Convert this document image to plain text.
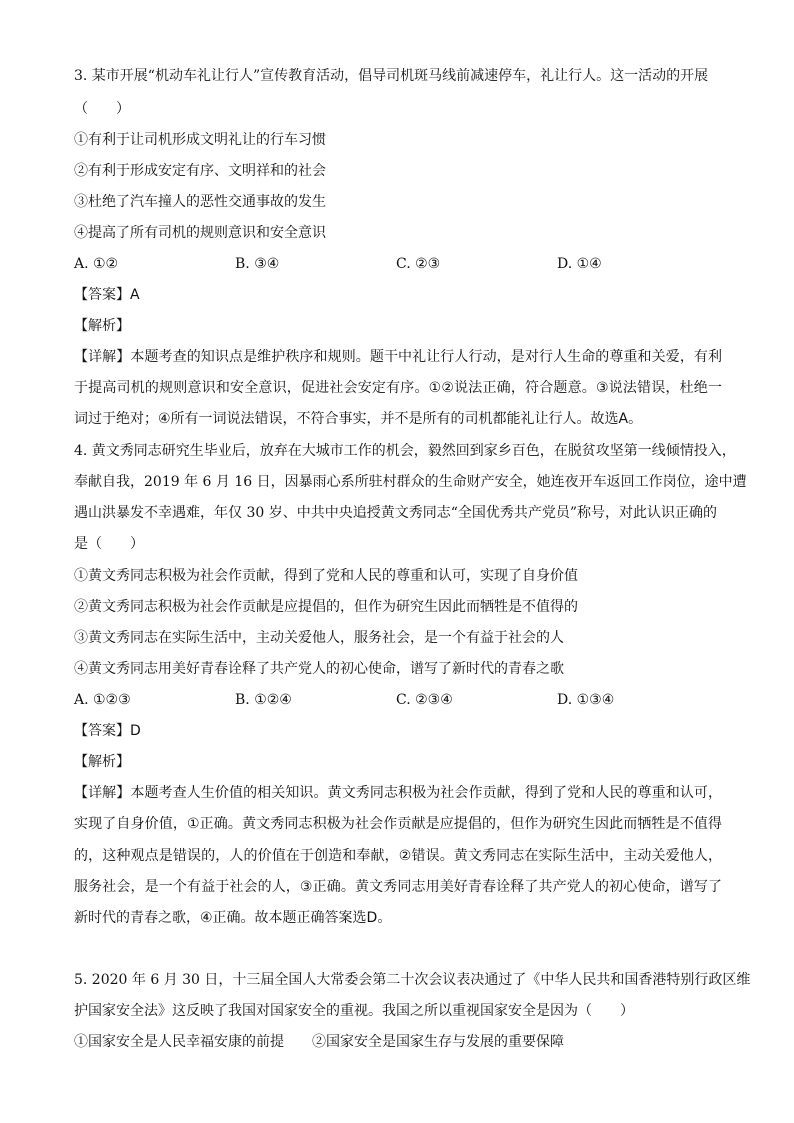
3. 某市开展“机动车礼让行人”宣传教育活动，倡导司机斑马线前减速停车，礼让行人。这一活动的开展
（　　）
①有利于让司机形成文明礼让的行车习惯
②有利于形成安定有序、文明祥和的社会
③杜绝了汽车撞人的恶性交通事故的发生
④提高了所有司机的规则意识和安全意识
A. ①②	B. ③④	C. ②③	D. ①④
【答案】A
【解析】
【详解】本题考查的知识点是维护秩序和规则。题干中礼让行人行动，是对行人生命的尊重和关爱，有利
于提高司机的规则意识和安全意识，促进社会安定有序。①②说法正确，符合题意。③说法错误，杜绝一
词过于绝对；④所有一词说法错误，不符合事实，并不是所有的司机都能礼让行人。故选A。
4. 黄文秀同志研究生毕业后，放弃在大城市工作的机会，毅然回到家乡百色，在脱贫攻坚第一线倾情投入，
奉献自我，2019 年 6 月 16 日，因暴雨心系所驻村群众的生命财产安全，她连夜开车返回工作岗位，途中遭
遇山洪暴发不幸遇难，年仅 30 岁、中共中央追授黄文秀同志“全国优秀共产党员”称号，对此认识正确的
是（　　）
①黄文秀同志积极为社会作贡献，得到了党和人民的尊重和认可，实现了自身价值
②黄文秀同志积极为社会作贡献是应提倡的，但作为研究生因此而牺牲是不值得的
③黄文秀同志在实际生活中，主动关爱他人，服务社会，是一个有益于社会的人
④黄文秀同志用美好青春诠释了共产党人的初心使命，谱写了新时代的青春之歌
A. ①②③	B. ①②④	C. ②③④	D. ①③④
【答案】D
【解析】
【详解】本题考查人生价值的相关知识。黄文秀同志积极为社会作贡献，得到了党和人民的尊重和认可，
实现了自身价值，①正确。黄文秀同志积极为社会作贡献是应提倡的，但作为研究生因此而牺牲是不值得
的，这种观点是错误的，人的价值在于创造和奉献，②错误。黄文秀同志在实际生活中，主动关爱他人，
服务社会，是一个有益于社会的人，③正确。黄文秀同志用美好青春诠释了共产党人的初心使命，谱写了
新时代的青春之歌，④正确。故本题正确答案选D。
5. 2020 年 6 月 30 日，十三届全国人大常委会第二十次会议表决通过了《中华人民共和国香港特别行政区维
护国家安全法》这反映了我国对国家安全的重视。我国之所以重视国家安全是因为（　　）
①国家安全是人民幸福安康的前提　　②国家安全是国家生存与发展的重要保障
